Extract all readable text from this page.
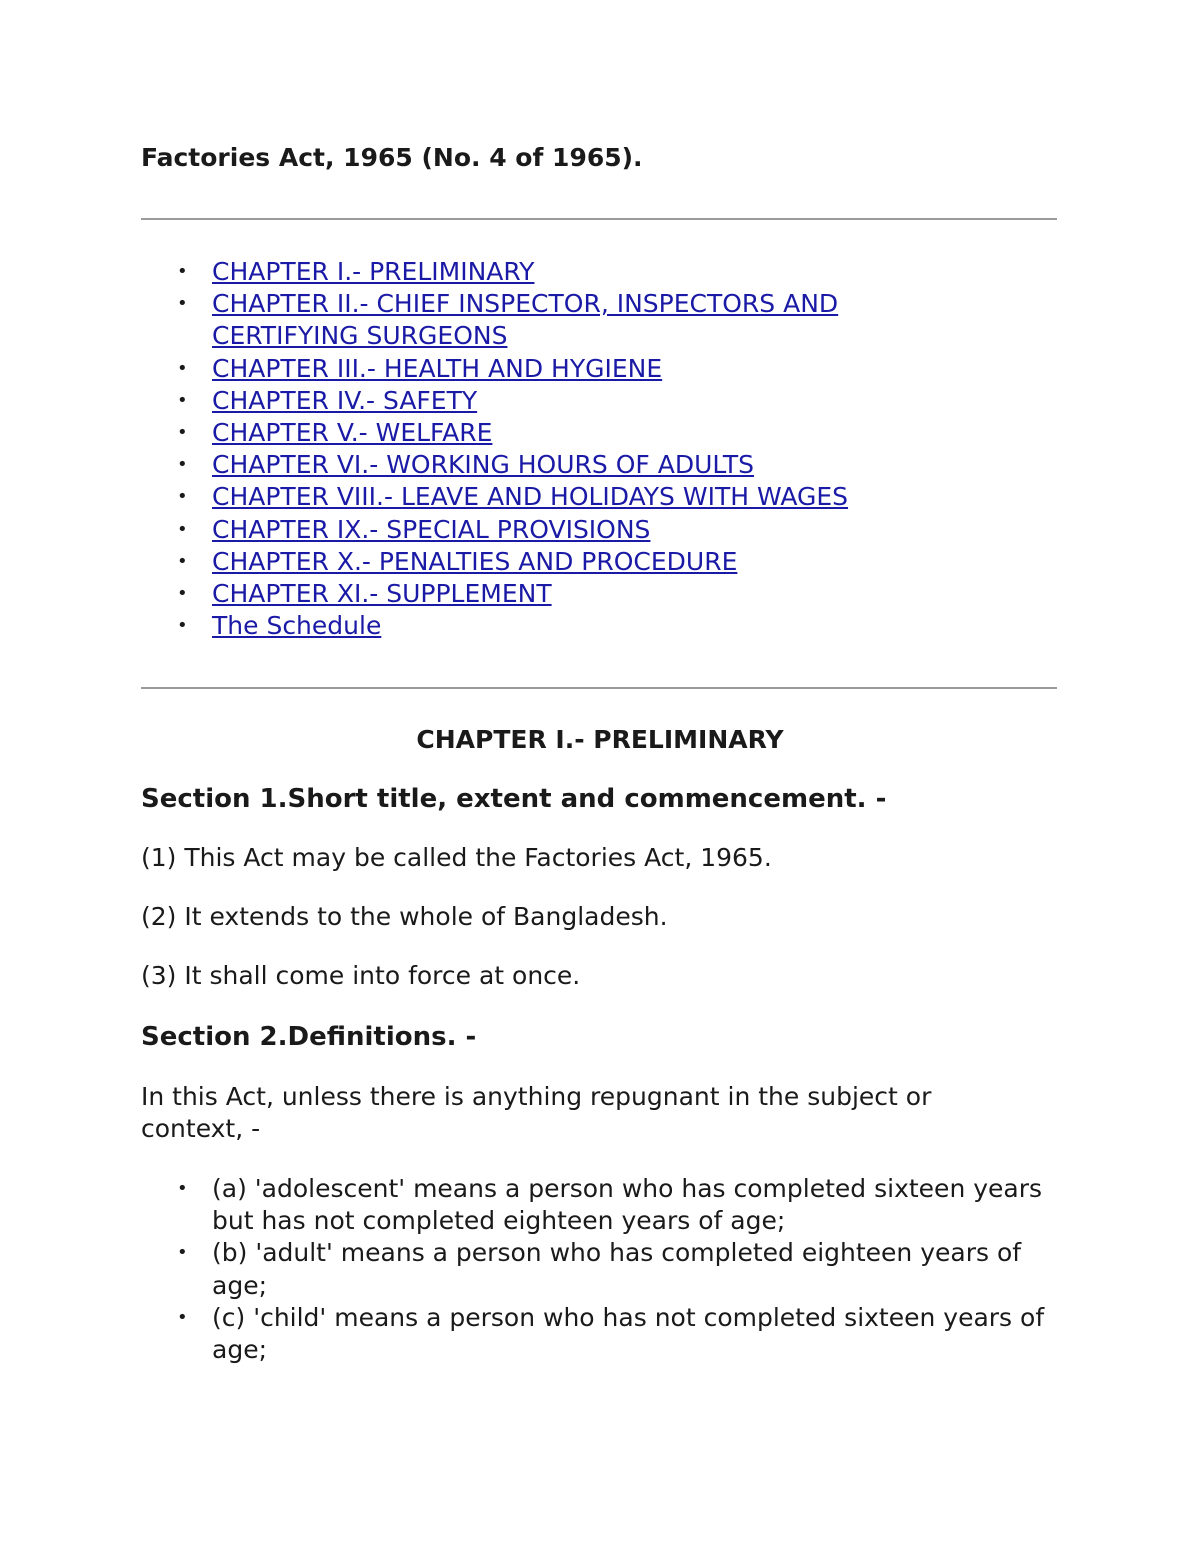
Factories Act, 1965 (No. 4 of 1965).
• CHAPTER I.- PRELIMINARY
• CHAPTER II.- CHIEF INSPECTOR, INSPECTORS AND CERTIFYING SURGEONS
• CHAPTER III.- HEALTH AND HYGIENE
• CHAPTER IV.- SAFETY
• CHAPTER V.- WELFARE
• CHAPTER VI.- WORKING HOURS OF ADULTS
• CHAPTER VIII.- LEAVE AND HOLIDAYS WITH WAGES
• CHAPTER IX.- SPECIAL PROVISIONS
• CHAPTER X.- PENALTIES AND PROCEDURE
• CHAPTER XI.- SUPPLEMENT
• The Schedule
CHAPTER I.- PRELIMINARY
Section 1.Short title, extent and commencement. -

(1) This Act may be called the Factories Act, 1965.

(2) It extends to the whole of Bangladesh.

(3) It shall come into force at once.

Section 2.Definitions. -

In this Act, unless there is anything repugnant in the subject or context, -

• (a) 'adolescent' means a person who has completed sixteen years but has not completed eighteen years of age;
• (b) 'adult' means a person who has completed eighteen years of age;
• (c) 'child' means a person who has not completed sixteen years of age;
